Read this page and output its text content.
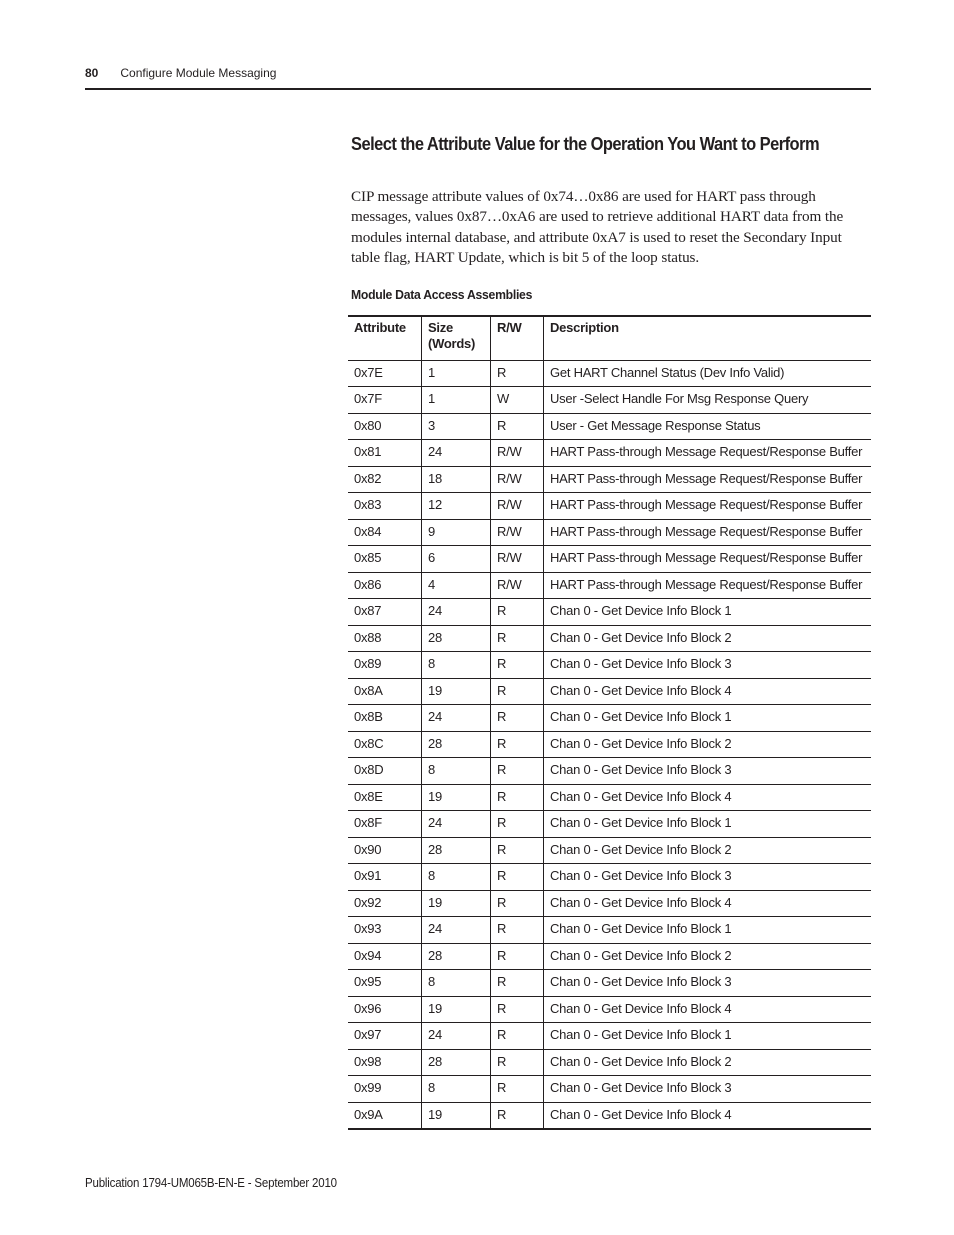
80 Configure Module Messaging
Select the Attribute Value for the Operation You Want to Perform

CIP message attribute values of 0x74…0x86 are used for HART pass through messages, values 0x87…0xA6 are used to retrieve additional HART data from the modules internal database, and attribute 0xA7 is used to reset the Secondary Input table flag, HART Update, which is bit 5 of the loop status.

Module Data Access Assemblies
Attribute	Size (Words)	R/W	Description
0x7E	1	R	Get HART Channel Status (Dev Info Valid)
0x7F	1	W	User -Select Handle For Msg Response Query
0x80	3	R	User - Get Message Response Status
0x81	24	R/W	HART Pass-through Message Request/Response Buffer
0x82	18	R/W	HART Pass-through Message Request/Response Buffer
0x83	12	R/W	HART Pass-through Message Request/Response Buffer
0x84	9	R/W	HART Pass-through Message Request/Response Buffer
0x85	6	R/W	HART Pass-through Message Request/Response Buffer
0x86	4	R/W	HART Pass-through Message Request/Response Buffer
0x87	24	R	Chan 0 - Get Device Info Block 1
0x88	28	R	Chan 0 - Get Device Info Block 2
0x89	8	R	Chan 0 - Get Device Info Block 3
0x8A	19	R	Chan 0 - Get Device Info Block 4
0x8B	24	R	Chan 0 - Get Device Info Block 1
0x8C	28	R	Chan 0 - Get Device Info Block 2
0x8D	8	R	Chan 0 - Get Device Info Block 3
0x8E	19	R	Chan 0 - Get Device Info Block 4
0x8F	24	R	Chan 0 - Get Device Info Block 1
0x90	28	R	Chan 0 - Get Device Info Block 2
0x91	8	R	Chan 0 - Get Device Info Block 3
0x92	19	R	Chan 0 - Get Device Info Block 4
0x93	24	R	Chan 0 - Get Device Info Block 1
0x94	28	R	Chan 0 - Get Device Info Block 2
0x95	8	R	Chan 0 - Get Device Info Block 3
0x96	19	R	Chan 0 - Get Device Info Block 4
0x97	24	R	Chan 0 - Get Device Info Block 1
0x98	28	R	Chan 0 - Get Device Info Block 2
0x99	8	R	Chan 0 - Get Device Info Block 3
0x9A	19	R	Chan 0 - Get Device Info Block 4
Publication 1794-UM065B-EN-E - September 2010
